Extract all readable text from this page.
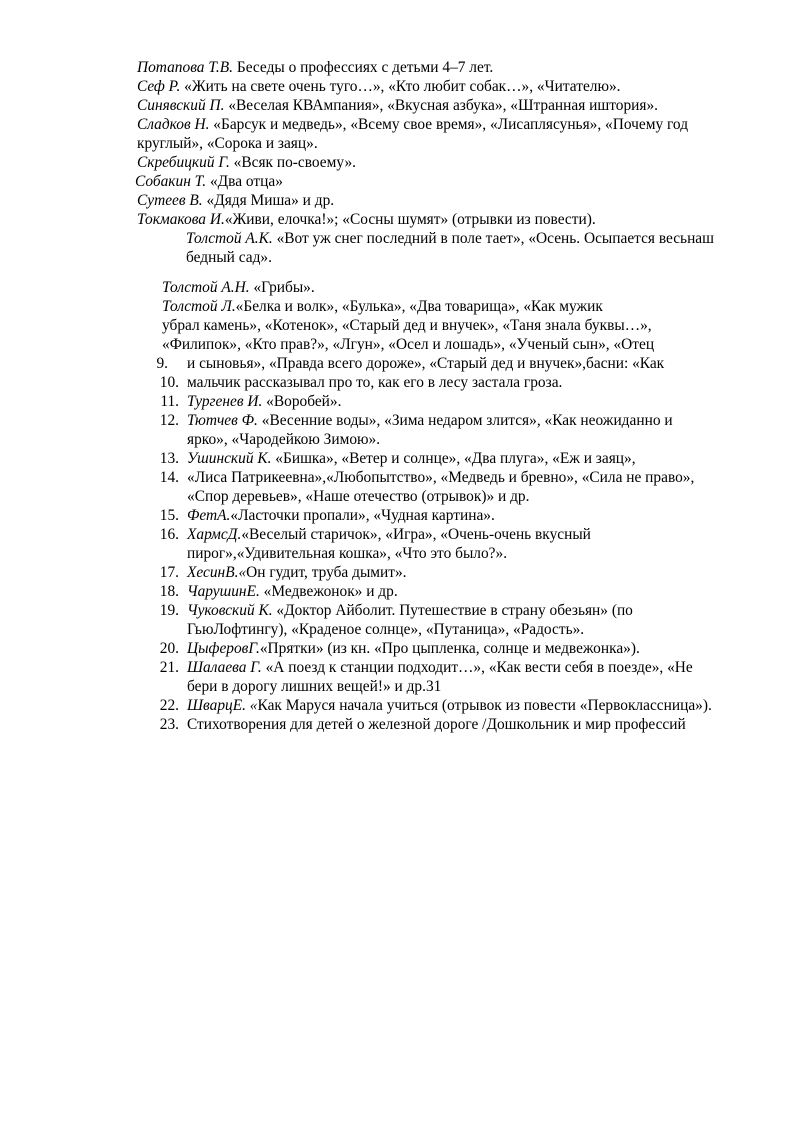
Потапова Т.В. Беседы о профессиях с детьми 4‒7 лет.
Сеф Р. «Жить на свете очень туго…», «Кто любит собак…», «Читателю».
Синявский П. «Веселая КВАмпания», «Вкусная азбука», «Штранная иштория».
Сладков Н. «Барсук и медведь», «Всему свое время», «Лисаплясунья», «Почему год
круглый», «Сорока и заяц».
Скребицкий Г. «Всяк по-своему».
Собакин Т. «Два отца»
Сутеев В. «Дядя Миша» и др.
Токмакова И.«Живи, елочка!»; «Сосны шумят» (отрывки из повести).
Толстой А.К. «Вот уж снег последний в поле тает», «Осень. Осыпается весьнаш
бедный сад».
Толстой А.Н. «Грибы».
Толстой Л.«Белка и волк», «Булька», «Два товарища», «Как мужик
убрал камень», «Котенок», «Старый дед и внучек», «Таня знала буквы…»,
«Филипок», «Кто прав?», «Лгун», «Осел и лошадь», «Ученый сын», «Отец
9. и сыновья», «Правда всего дороже», «Старый дед и внучек»,басни: «Как
10. мальчик рассказывал про то, как его в лесу застала гроза.
11. Тургенев И. «Воробей».
12. Тютчев Ф. «Весенние воды», «Зима недаром злится», «Как неожиданно и
ярко», «Чародейкою Зимою».
13. Ушинский К. «Бишка», «Ветер и солнце», «Два плуга», «Еж и заяц»,
14. «Лиса Патрикеевна»,«Любопытство», «Медведь и бревно», «Сила не право»,
«Спор деревьев», «Наше отечество (отрывок)» и др.
15. ФетА.«Ласточки пропали», «Чудная картина».
16. ХармсД.«Веселый старичок», «Игра», «Очень-очень вкусный
пирог»,«Удивительная кошка», «Что это было?».
17. ХесинВ.«Он гудит, труба дымит».
18. ЧарушинЕ. «Медвежонок» и др.
19. Чуковский К. «Доктор Айболит. Путешествие в страну обезьян» (по
ГьюЛофтингу), «Краденое солнце», «Путаница», «Радость».
20. ЦыферовГ.«Прятки» (из кн. «Про цыпленка, солнце и медвежонка»).
21. Шалаева Г. «А поезд к станции подходит…», «Как вести себя в поезде», «Не
бери в дорогу лишних вещей!» и др.31
22. ШварцЕ. «Как Маруся начала учиться (отрывок из повести «Первоклассница»).
23. Стихотворения для детей о железной дороге /Дошкольник и мир профессий
